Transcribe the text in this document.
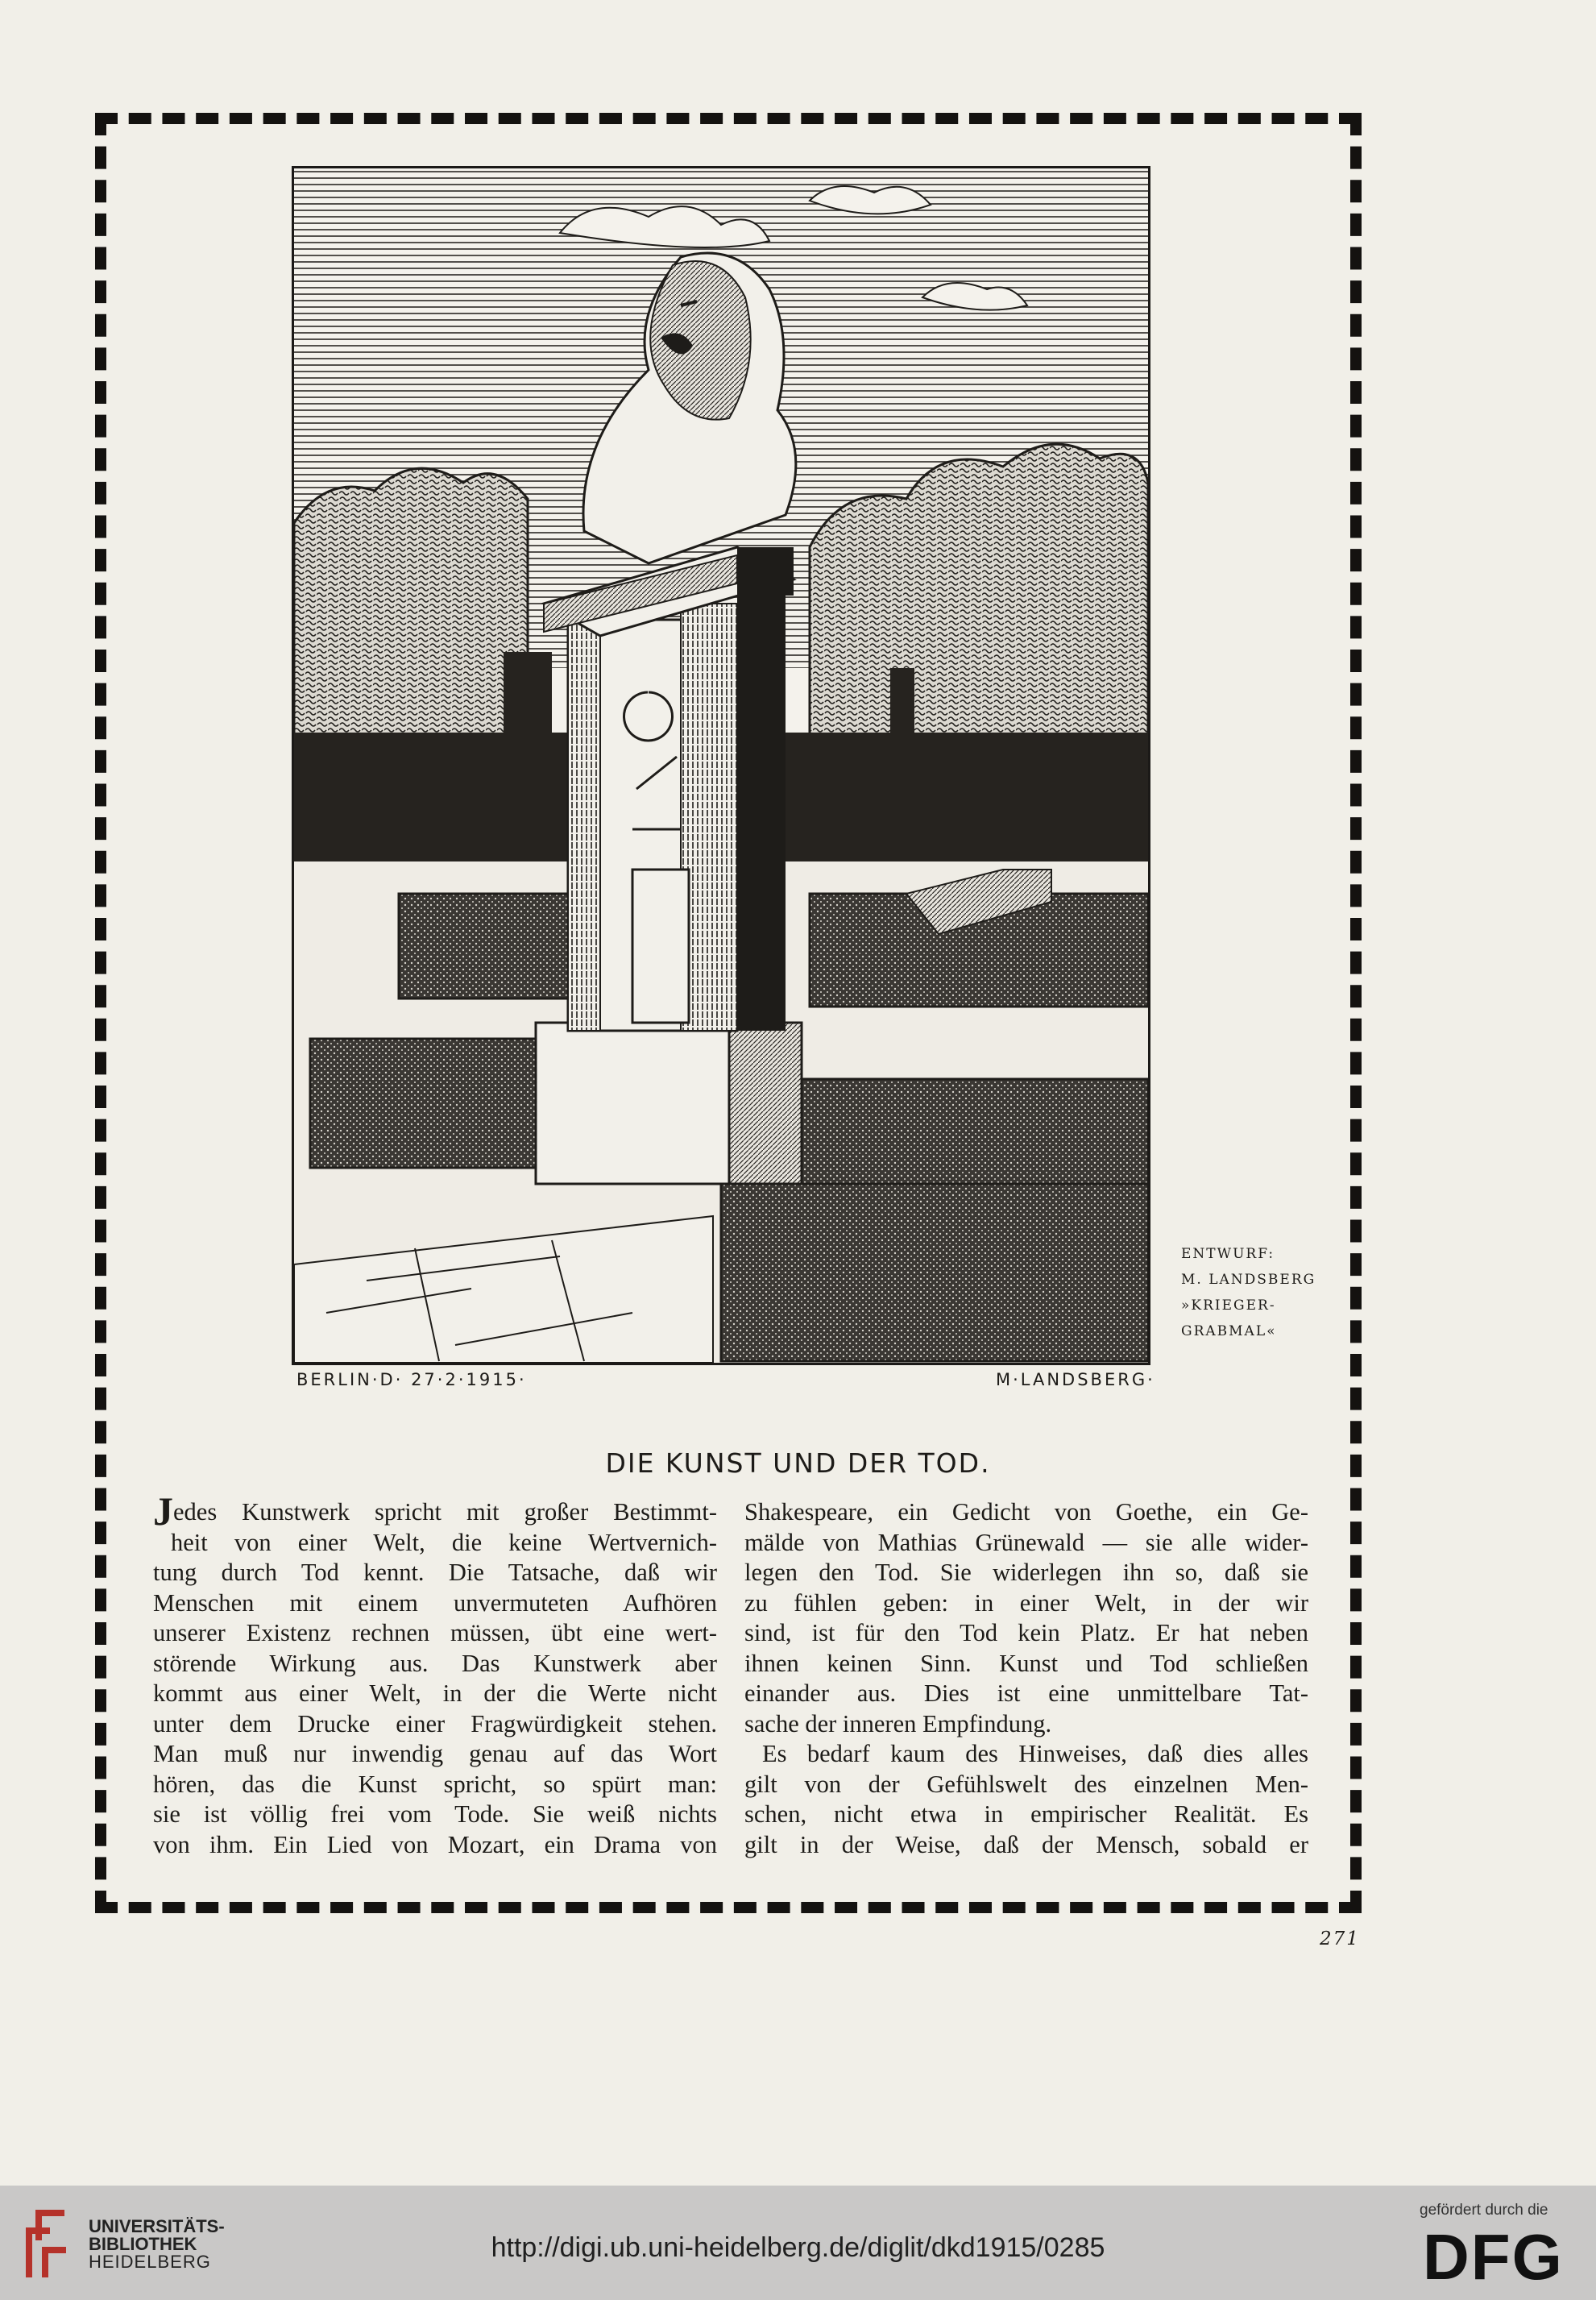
BERLIN·D· 27·2·1915·	M·LANDSBERG·
ENTWURF:
M. LANDSBERG
»KRIEGER-
GRABMAL«
DIE KUNST UND DER TOD.
Jedes Kunstwerk spricht mit großer Bestimmt-
heit von einer Welt, die keine Wertvernich-
tung durch Tod kennt. Die Tatsache, daß wir
Menschen mit einem unvermuteten Aufhören
unserer Existenz rechnen müssen, übt eine wert-
störende Wirkung aus. Das Kunstwerk aber
kommt aus einer Welt, in der die Werte nicht
unter dem Drucke einer Fragwürdigkeit stehen.
Man muß nur inwendig genau auf das Wort
hören, das die Kunst spricht, so spürt man:
sie ist völlig frei vom Tode. Sie weiß nichts
von ihm. Ein Lied von Mozart, ein Drama von
Shakespeare, ein Gedicht von Goethe, ein Ge-
mälde von Mathias Grünewald — sie alle wider-
legen den Tod. Sie widerlegen ihn so, daß sie
zu fühlen geben: in einer Welt, in der wir
sind, ist für den Tod kein Platz. Er hat neben
ihnen keinen Sinn. Kunst und Tod schließen
einander aus. Dies ist eine unmittelbare Tat-
sache der inneren Empfindung.
Es bedarf kaum des Hinweises, daß dies alles
gilt von der Gefühlswelt des einzelnen Men-
schen, nicht etwa in empirischer Realität. Es
gilt in der Weise, daß der Mensch, sobald er
271
UNIVERSITÄTS-
BIBLIOTHEK
HEIDELBERG	http://digi.ub.uni-heidelberg.de/diglit/dkd1915/0285
gefördert durch die
DFG
